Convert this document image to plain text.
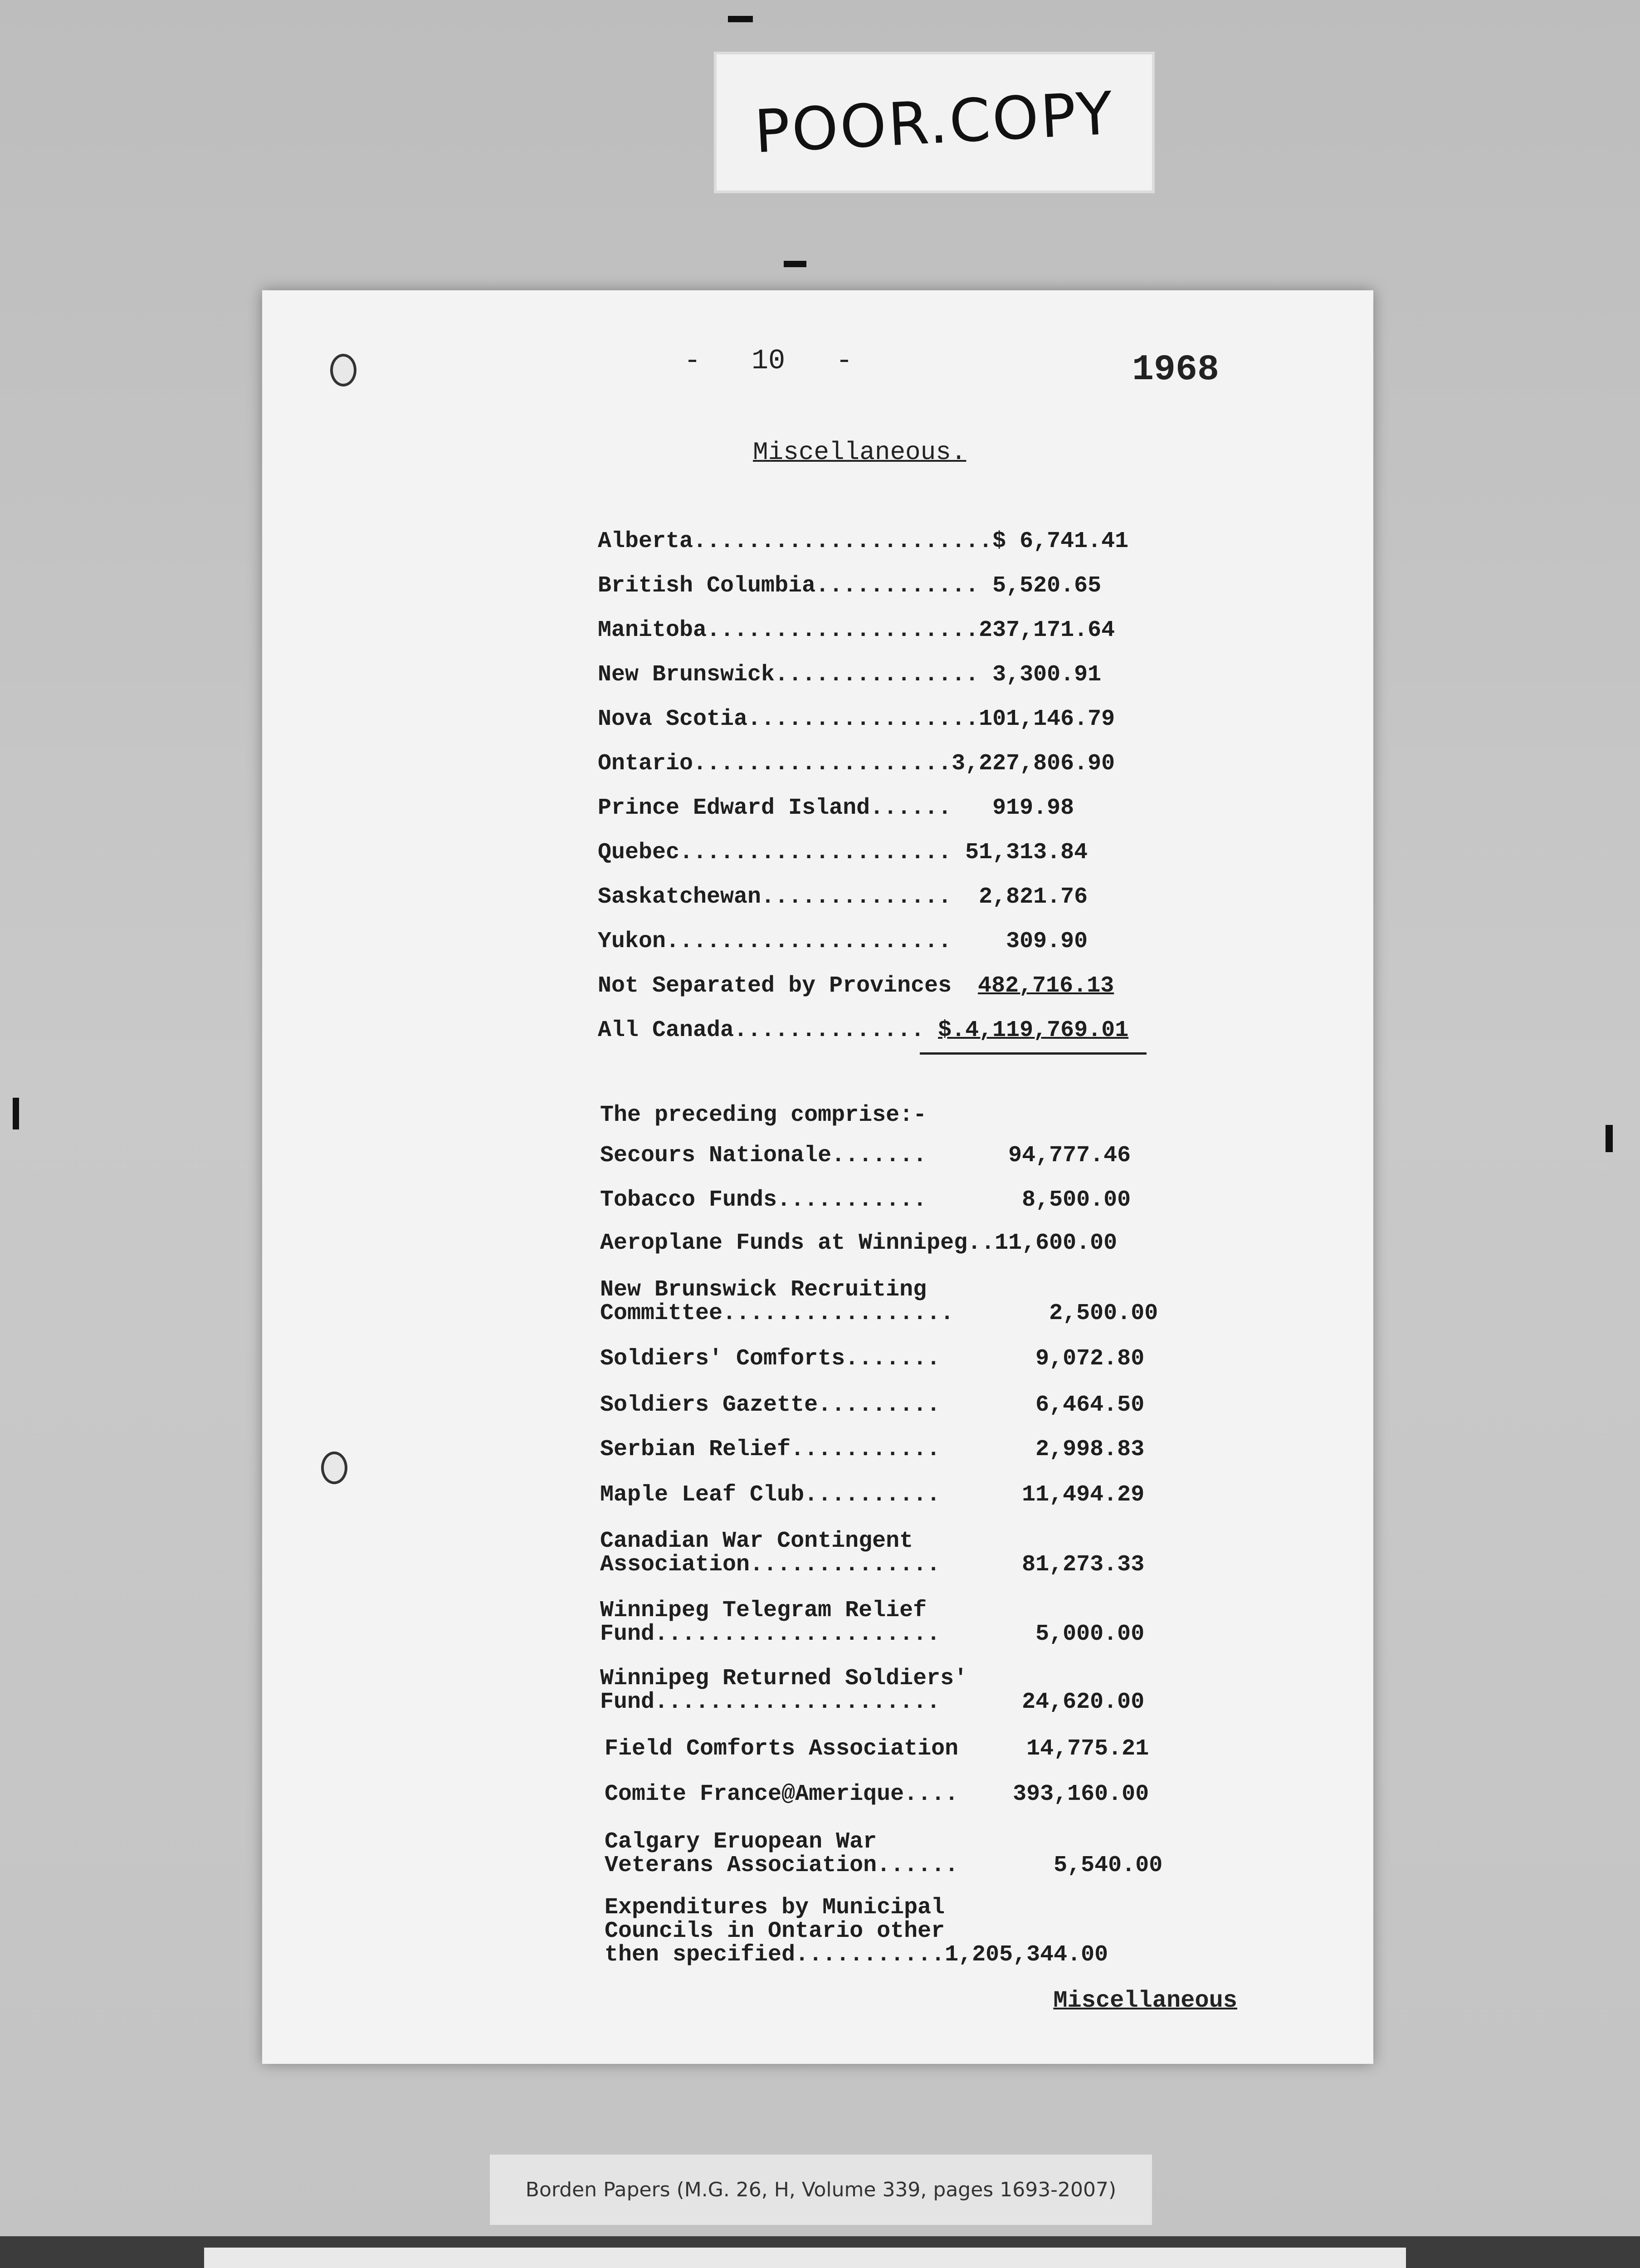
POOR.COPY
-   10   -	1968
Miscellaneous.
Alberta......................$ 6,741.41
British Columbia............ 5,520.65
Manitoba....................237,171.64
New Brunswick............... 3,300.91
Nova Scotia.................101,146.79
Ontario...................3,227,806.90
Prince Edward Island......   919.98
Quebec.................... 51,313.84
Saskatchewan..............  2,821.76
Yukon.....................    309.90
Not Separated by Provinces 482,716.13
All Canada.............. $.4,119,769.01
The preceding comprise:-
Secours Nationale.......      94,777.46
Tobacco Funds...........       8,500.00
Aeroplane Funds at Winnipeg..11,600.00
New Brunswick Recruiting
Committee.................       2,500.00
Soldiers' Comforts.......       9,072.80
Soldiers Gazette.........       6,464.50
Serbian Relief...........       2,998.83
Maple Leaf Club..........      11,494.29
Canadian War Contingent
Association..............      81,273.33
Winnipeg Telegram Relief
Fund.....................       5,000.00
Winnipeg Returned Soldiers'
Fund.....................      24,620.00
Field Comforts Association     14,775.21
Comite France@Amerique....    393,160.00
Calgary Eruopean War
Veterans Association......       5,540.00
Expenditures by Municipal
Councils in Ontario other
then specified...........1,205,344.00
Miscellaneous
Borden Papers (M.G. 26, H, Volume 339, pages 1693-2007)
